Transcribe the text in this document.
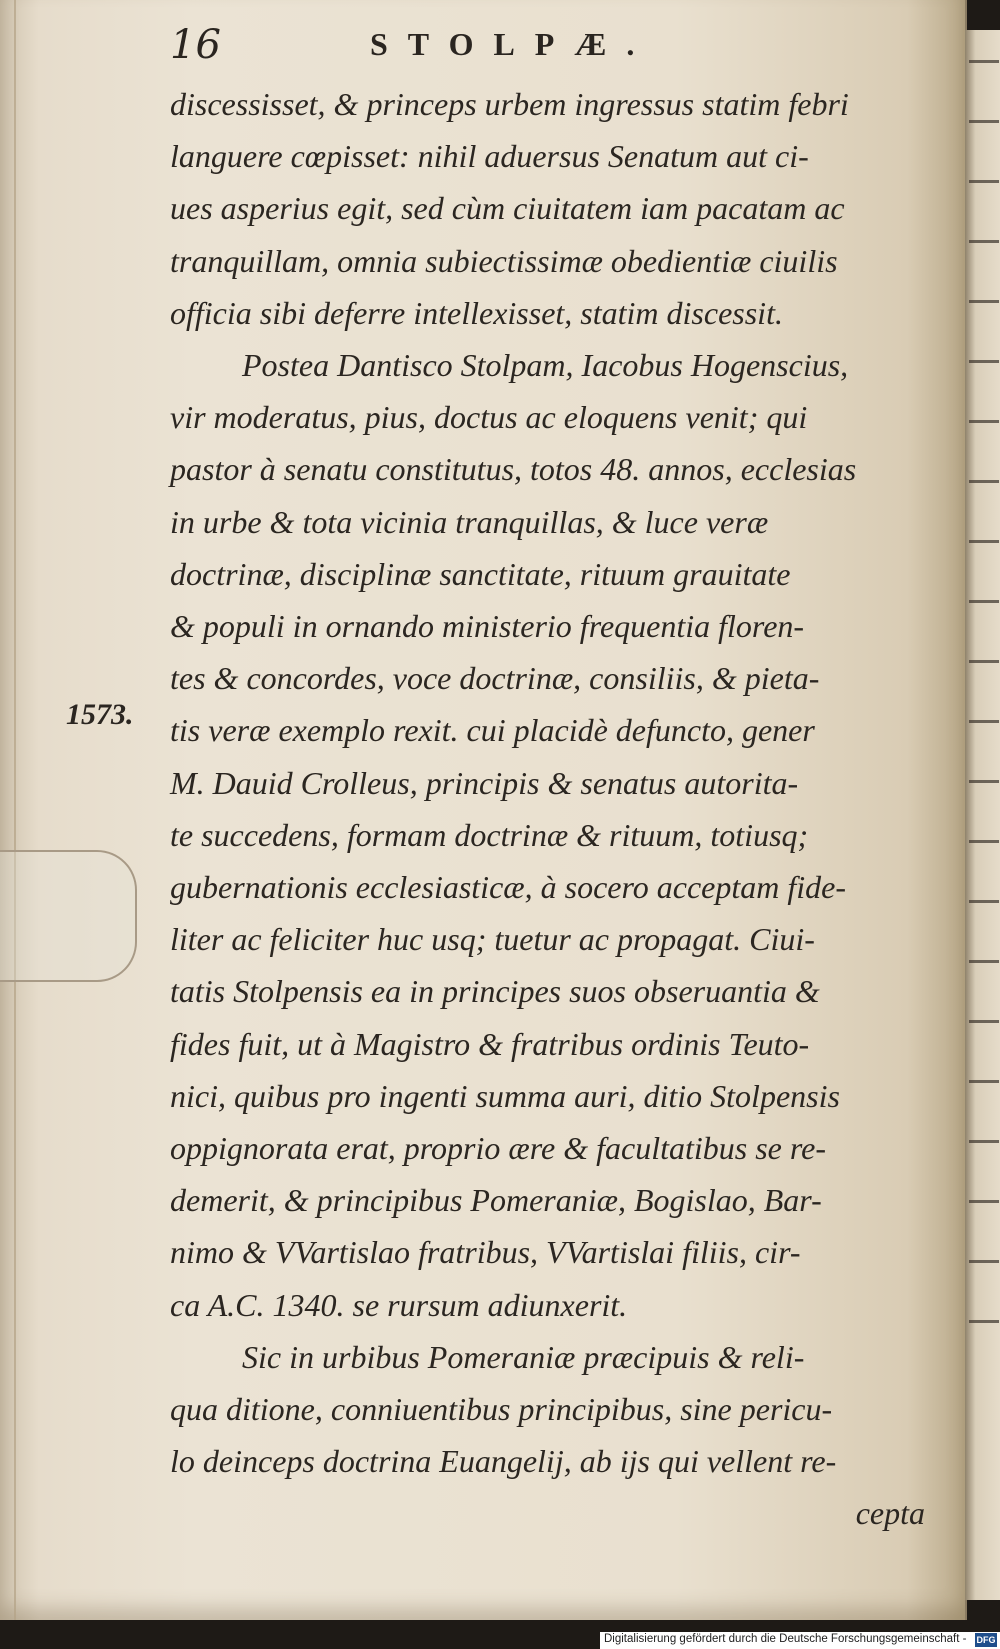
16	STOLPÆ.
1573.
discessisset, & princeps urbem ingressus statim febri
languere cœpisset: nihil aduersus Senatum aut ci-
ues asperius egit, sed cùm ciuitatem iam pacatam ac
tranquillam, omnia subiectissimæ obedientiæ ciuilis
officia sibi deferre intellexisset, statim discessit.
Postea Dantisco Stolpam, Iacobus Hogenscius,
vir moderatus, pius, doctus ac eloquens venit; qui
pastor à senatu constitutus, totos 48. annos, ecclesias
in urbe & tota vicinia tranquillas, & luce veræ
doctrinæ, disciplinæ sanctitate, rituum grauitate
& populi in ornando ministerio frequentia floren-
tes & concordes, voce doctrinæ, consiliis, & pieta-
tis veræ exemplo rexit. cui placidè defuncto, gener
M. Dauid Crolleus, principis & senatus autorita-
te succedens, formam doctrinæ & rituum, totiusq;
gubernationis ecclesiasticæ, à socero acceptam fide-
liter ac feliciter huc usq; tuetur ac propagat. Ciui-
tatis Stolpensis ea in principes suos obseruantia &
fides fuit, ut à Magistro & fratribus ordinis Teuto-
nici, quibus pro ingenti summa auri, ditio Stolpensis
oppignorata erat, proprio ære & facultatibus se re-
demerit, & principibus Pomeraniæ, Bogislao, Bar-
nimo & VVartislao fratribus, VVartislai filiis, cir-
ca A.C. 1340. se rursum adiunxerit.
Sic in urbibus Pomeraniæ præcipuis & reli-
qua ditione, conniuentibus principibus, sine pericu-
lo deinceps doctrina Euangelij, ab ijs qui vellent re-
cepta
Digitalisierung gefördert durch die Deutsche Forschungsgemeinschaft - DFG
